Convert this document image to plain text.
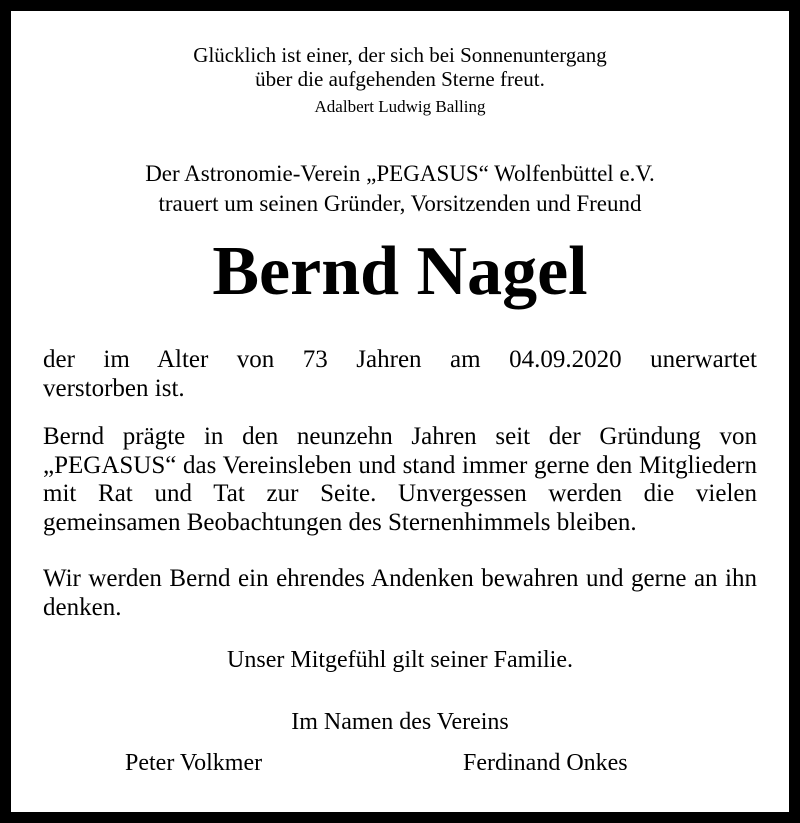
Glücklich ist einer, der sich bei Sonnenuntergang
über die aufgehenden Sterne freut.
Adalbert Ludwig Balling
Der Astronomie-Verein „PEGASUS“ Wolfenbüttel e.V.
trauert um seinen Gründer, Vorsitzenden und Freund
Bernd Nagel
der im Alter von 73 Jahren am 04.09.2020 unerwartet
verstorben ist.
Bernd prägte in den neunzehn Jahren seit der Gründung von „PEGASUS“ das Vereinsleben und stand immer gerne den Mitgliedern mit Rat und Tat zur Seite. Unvergessen werden die vielen gemeinsamen Beobachtungen des Sternenhimmels bleiben.
Wir werden Bernd ein ehrendes Andenken bewahren und gerne an ihn denken.
Unser Mitgefühl gilt seiner Familie.
Im Namen des Vereins
Peter Volkmer	Ferdinand Onkes
